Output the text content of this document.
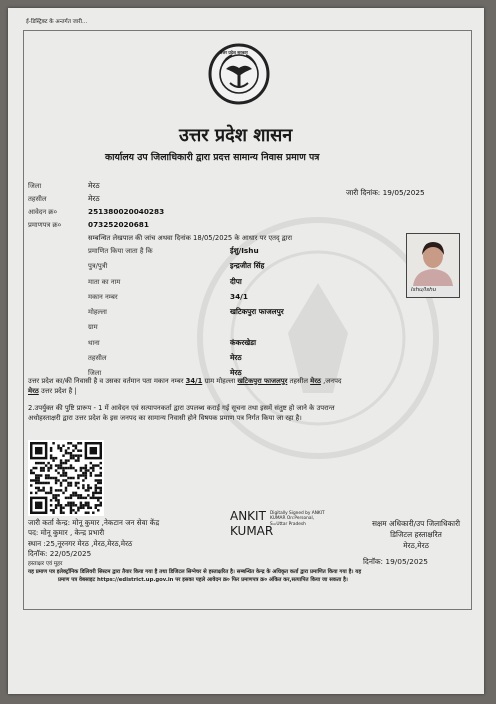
ई-डिस्ट्रिक्ट के अन्तर्गत जारी...
उत्तर प्रदेश सरकार
उत्तर प्रदेश शासन
कार्यालय उप जिलाधिकारी द्वारा प्रदत्त सामान्य निवास प्रमाण पत्र
जिला	मेरठ
तहसील	मेरठ
आवेदन क्र०	251380020040283
प्रमाणपत्र क्र०	073252020681
जारी दिनांक: 19/05/2025
सम्बन्धित लेखपाल की जांच अथवा दिनांक 18/05/2025 के आधार पर एतद् द्वारा
प्रमाणित किया जाता है कि	ईशु/Ishu
पुत्र/पुत्री	इन्द्रजीत सिंह
माता का नाम	दीपा
मकान नम्बर	34/1
मोहल्ला	खटिकपुरा फाजलपुर
ग्राम
थाना	कंकरखेडा
तहसील	मेरठ
जिला	मेरठ
Ishu/Ishu
उत्तर प्रदेश का/की निवासी है व उसका वर्तमान पता मकान नम्बर 34/1 ग्राम मोहल्ला खटिकपुरा फाजलपुर तहसील मेरठ ,जनपद
मेरठ उत्तर प्रदेश है |
2.उपर्युक्त की पुष्टि प्रारूप - 1 में आवेदन एवं सत्यापनकर्ता द्वारा उपलब्ध कराई गई सूचना तथा इसमें संतुष्ट हो जाने के उपरान्त
अधोहस्ताक्षरी द्वारा उत्तर प्रदेश के इस जनपद का सामान्य निवासी होने विषयक प्रमाण पत्र निर्गत किया जा रहा है।
जारी कर्ता केन्द्र: मोनू कुमार ,नेकटान जन सेवा केंद्र
पद: मोनू कुमार , केन्द्र प्रभारी
स्थान :25,नूरनगर मेरठ ,मेरठ,मेरठ,मेरठ
दिनॉक: 22/05/2025
हस्ताक्षर एवं मुहर
ANKIT
KUMAR
Digitally Signed by ANKIT
KUMAR On:Personal,
S=Uttar Pradesh	सक्षम अधिकारी/उप जिलाधिकारी
डिजिटल हस्ताक्षरित
मेरठ,मेरठ
दिनॉक: 19/05/2025
यह प्रमाण पत्र इलेक्ट्रॉनिक डिलिवरी सिस्टम द्वारा तैयार किया गया है तथा डिजिटल सिग्नेचर से हस्ताक्षरित है। सम्बन्धित केन्द्र के अधिकृत कर्ता द्वारा प्रमाणित किया गया है। यह
प्रमाण पत्र वेबसाइट https://edistrict.up.gov.in पर इसका पहले आवेदन क्र० फिर प्रमाणपत्र क्र० अंकित कर,सत्यापित किया जा सकता है।
